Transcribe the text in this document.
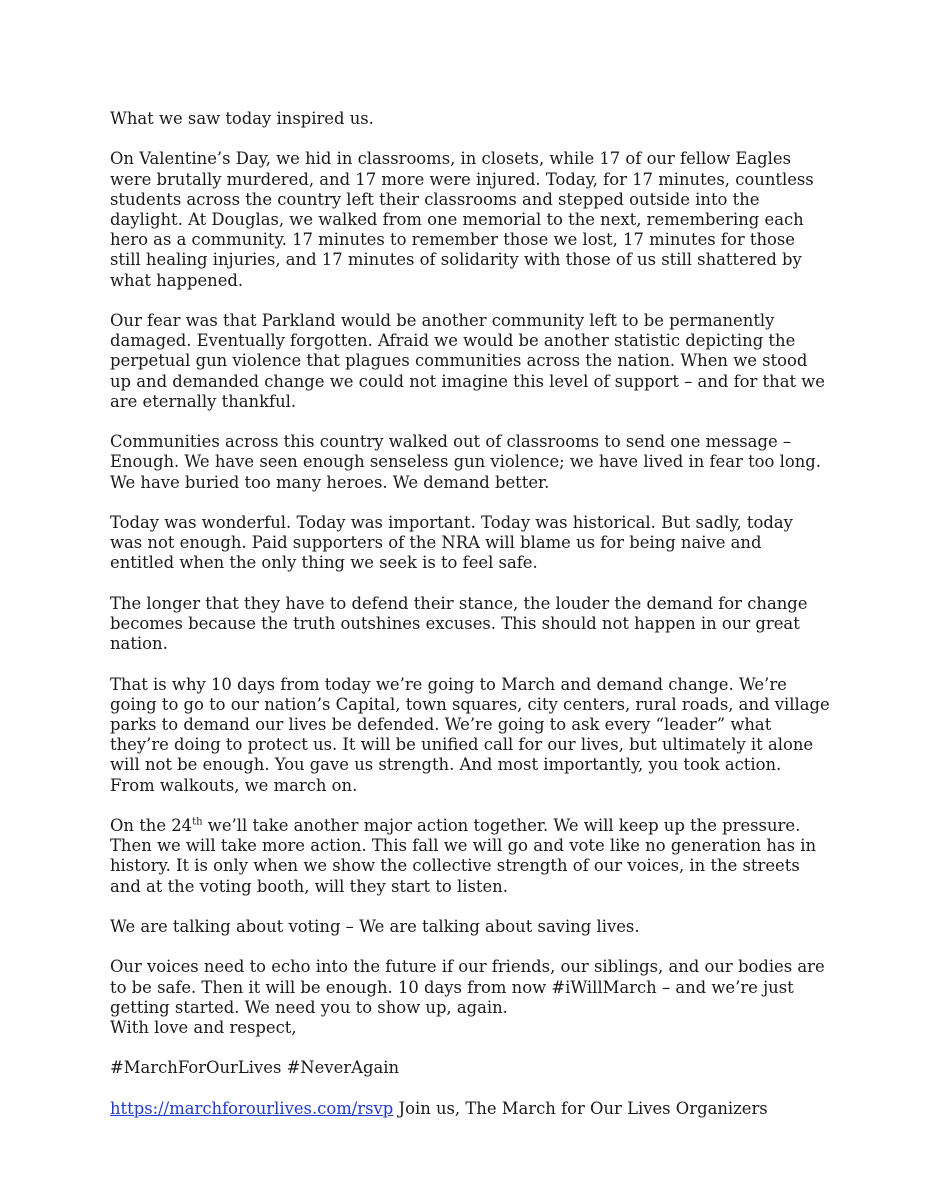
What we saw today inspired us.

On Valentine’s Day, we hid in classrooms, in closets, while 17 of our fellow Eagles were brutally murdered, and 17 more were injured. Today, for 17 minutes, countless students across the country left their classrooms and stepped outside into the daylight. At Douglas, we walked from one memorial to the next, remembering each hero as a community. 17 minutes to remember those we lost, 17 minutes for those still healing injuries, and 17 minutes of solidarity with those of us still shattered by what happened.

Our fear was that Parkland would be another community left to be permanently damaged. Eventually forgotten. Afraid we would be another statistic depicting the perpetual gun violence that plagues communities across the nation. When we stood up and demanded change we could not imagine this level of support – and for that we are eternally thankful.

Communities across this country walked out of classrooms to send one message – Enough. We have seen enough senseless gun violence; we have lived in fear too long. We have buried too many heroes. We demand better.

Today was wonderful. Today was important. Today was historical. But sadly, today was not enough. Paid supporters of the NRA will blame us for being naive and entitled when the only thing we seek is to feel safe.

The longer that they have to defend their stance, the louder the demand for change becomes because the truth outshines excuses. This should not happen in our great nation.

That is why 10 days from today we’re going to March and demand change. We’re going to go to our nation’s Capital, town squares, city centers, rural roads, and village parks to demand our lives be defended. We’re going to ask every “leader” what they’re doing to protect us. It will be unified call for our lives, but ultimately it alone will not be enough. You gave us strength. And most importantly, you took action. From walkouts, we march on.

On the 24th we’ll take another major action together. We will keep up the pressure. Then we will take more action. This fall we will go and vote like no generation has in history. It is only when we show the collective strength of our voices, in the streets and at the voting booth, will they start to listen.

We are talking about voting – We are talking about saving lives.

Our voices need to echo into the future if our friends, our siblings, and our bodies are to be safe. Then it will be enough. 10 days from now #iWillMarch – and we’re just getting started. We need you to show up, again.

With love and respect,

#MarchForOurLives #NeverAgain

https://marchforourlives.com/rsvp Join us, The March for Our Lives Organizers
